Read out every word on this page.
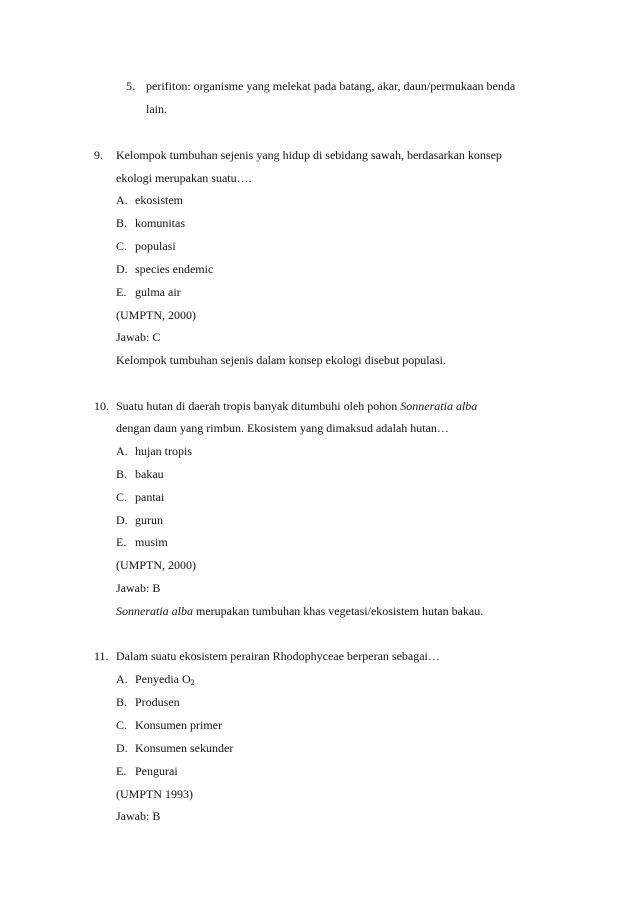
5. perifiton: organisme yang melekat pada batang, akar, daun/permukaan benda
lain.
9. Kelompok tumbuhan sejenis yang hidup di sebidang sawah, berdasarkan konsep
ekologi merupakan suatu….
A. ekosistem
B. komunitas
C. populasi
D. species endemic
E. gulma air
(UMPTN, 2000)
Jawab: C
Kelompok tumbuhan sejenis dalam konsep ekologi disebut populasi.
10. Suatu hutan di daerah tropis banyak ditumbuhi oleh pohon Sonneratia alba
dengan daun yang rimbun. Ekosistem yang dimaksud adalah hutan…
A. hujan tropis
B. bakau
C. pantai
D. gurun
E. musim
(UMPTN, 2000)
Jawab: B
Sonneratia alba merupakan tumbuhan khas vegetasi/ekosistem hutan bakau.
11. Dalam suatu ekosistem perairan Rhodophyceae berperan sebagai…
A. Penyedia $O_2$
B. Produsen
C. Konsumen primer
D. Konsumen sekunder
E. Pengurai
(UMPTN 1993)
Jawab: B
